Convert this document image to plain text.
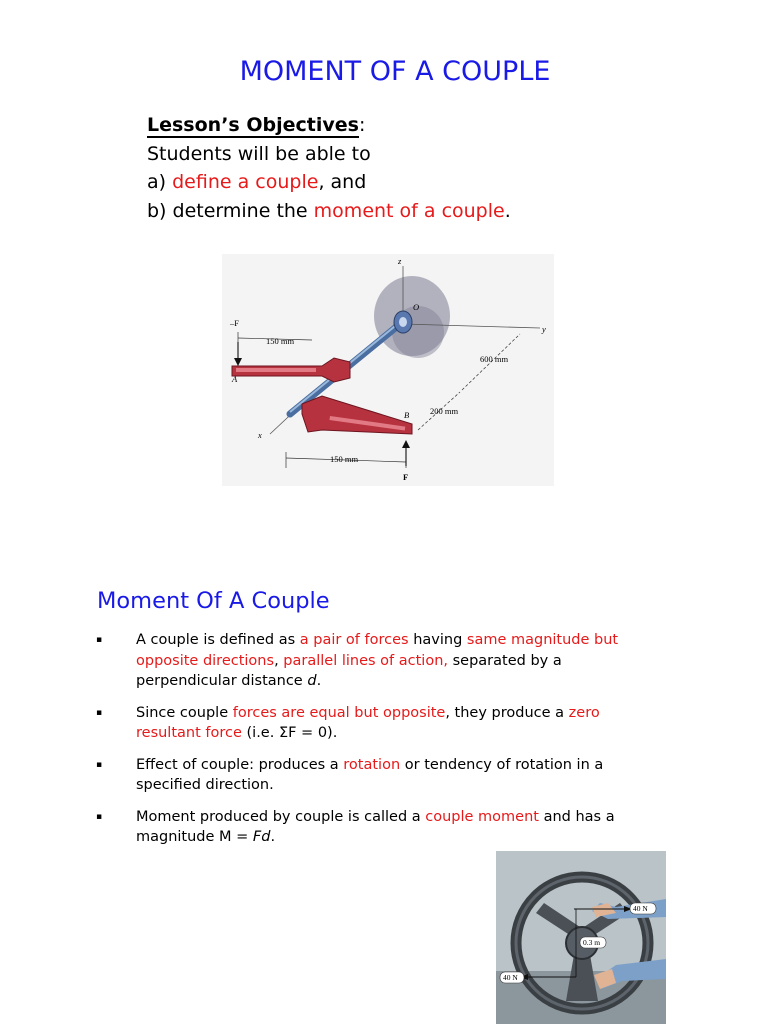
MOMENT OF A COUPLE
Lesson’s Objectives:
Students will be able to
a) define a couple, and
b) determine the moment of a couple.
–F
150 mm
A
z
O
y
600 mm
B 200 mm
x
150 mm
F
Moment Of A Couple
▪ A couple is defined as a pair of forces having same magnitude but opposite directions, parallel lines of action, separated by a perpendicular distance d.
▪ Since couple forces are equal but opposite, they produce a zero resultant force (i.e. ΣF = 0).
▪ Effect of couple: produces a rotation or tendency of rotation in a specified direction.
▪ Moment produced by couple is called a couple moment and has a magnitude M = Fd.
40 N
0.3 m
40 N
